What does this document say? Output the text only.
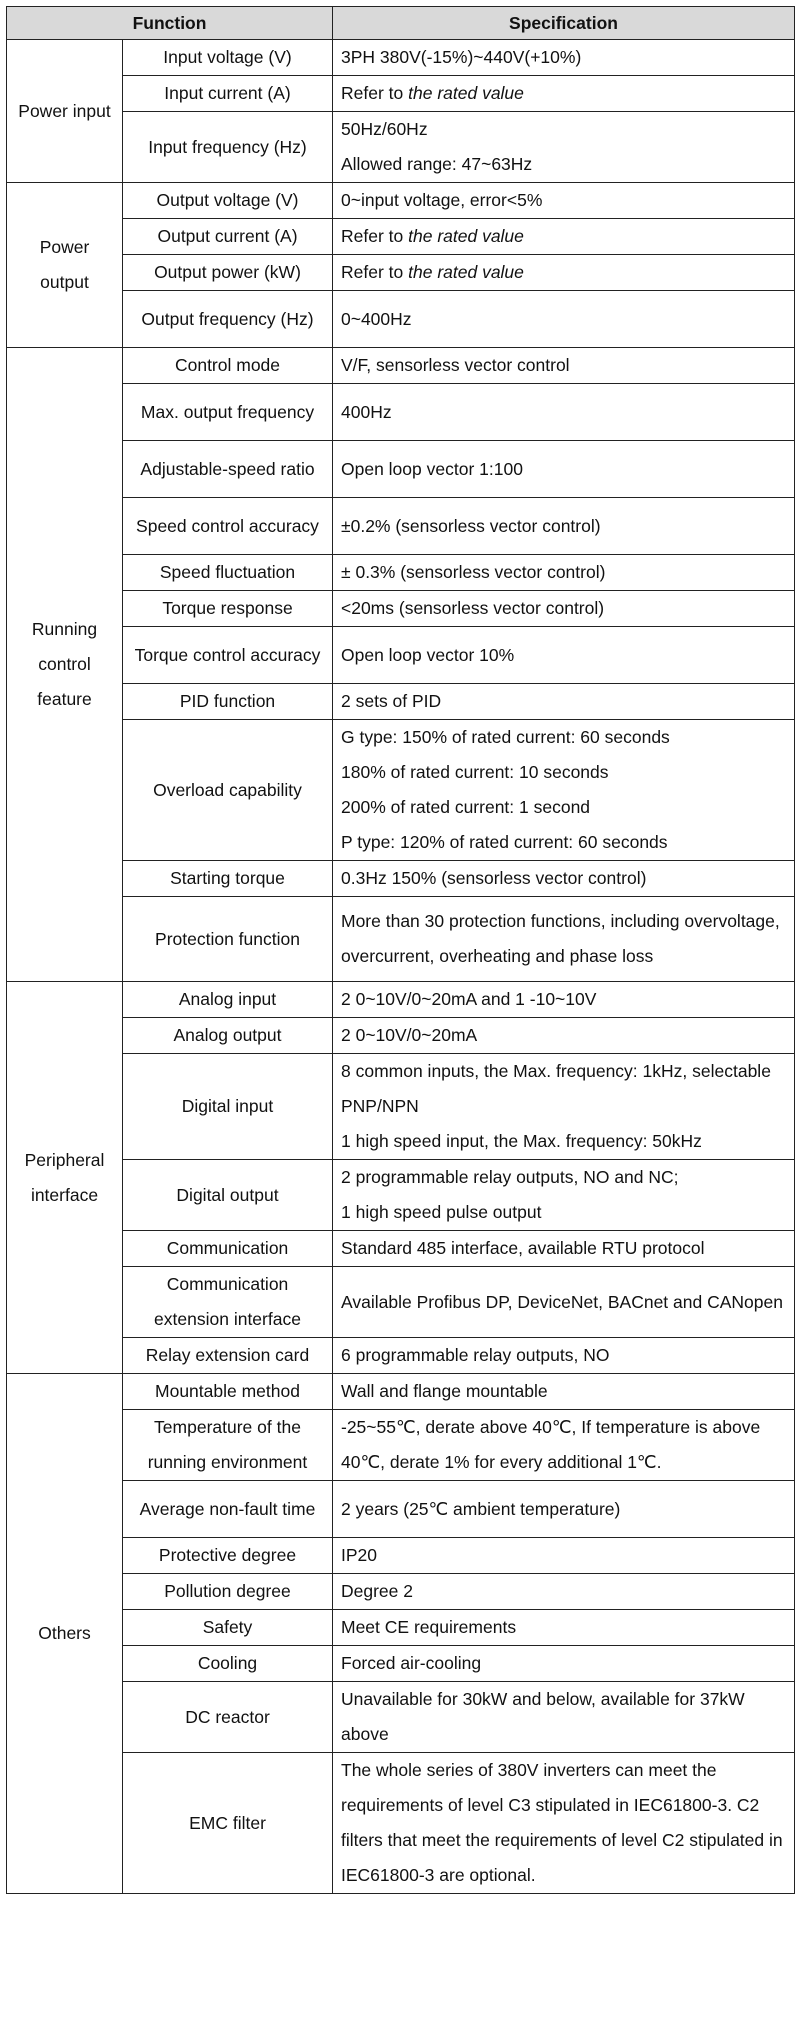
Function		Specification
Power input	Input voltage (V)	3PH 380V(-15%)~440V(+10%)
	Input current (A)	Refer to the rated value
	Input frequency (Hz)	50Hz/60Hz
Allowed range: 47~63Hz

Power output	Output voltage (V)	0~input voltage, error<5%
	Output current (A)	Refer to the rated value
	Output power (kW)	Refer to the rated value
	Output frequency (Hz)	0~400Hz
Running control feature	Control mode	V/F, sensorless vector control
	Max. output frequency	400Hz
	Adjustable-speed ratio	Open loop vector 1:100
	Speed control accuracy	±0.2% (sensorless vector control)
	Speed fluctuation	± 0.3% (sensorless vector control)
	Torque response	<20ms (sensorless vector control)
	Torque control accuracy	Open loop vector 10%
	PID function	2 sets of PID
	Overload capability	G type: 150% of rated current: 60 seconds
180% of rated current: 10 seconds
200% of rated current: 1 second
P type: 120% of rated current: 60 seconds

	Starting torque	0.3Hz 150% (sensorless vector control)
	Protection function	More than 30 protection functions, including overvoltage, overcurrent, overheating and phase loss
Peripheral interface	Analog input	2 0~10V/0~20mA and 1 -10~10V
	Analog output	2 0~10V/0~20mA
	Digital input	8 common inputs, the Max. frequency: 1kHz, selectable PNP/NPN
1 high speed input, the Max. frequency: 50kHz

	Digital output	2 programmable relay outputs, NO and NC;
1 high speed pulse output

	Communication	Standard 485 interface, available RTU protocol
	Communication extension interface	Available Profibus DP, DeviceNet, BACnet and CANopen
	Relay extension card	6 programmable relay outputs, NO
Others	Mountable method	Wall and flange mountable
	Temperature of the running environment	-25~55℃, derate above 40℃, If temperature is above 40℃, derate 1% for every additional 1℃.
	Average non-fault time	2 years (25℃ ambient temperature)
	Protective degree	IP20
	Pollution degree	Degree 2
	Safety	Meet CE requirements
	Cooling	Forced air-cooling
	DC reactor	Unavailable for 30kW and below, available for 37kW above
	EMC filter	The whole series of 380V inverters can meet the requirements of level C3 stipulated in IEC61800-3. C2 filters that meet the requirements of level C2 stipulated in IEC61800-3 are optional.
